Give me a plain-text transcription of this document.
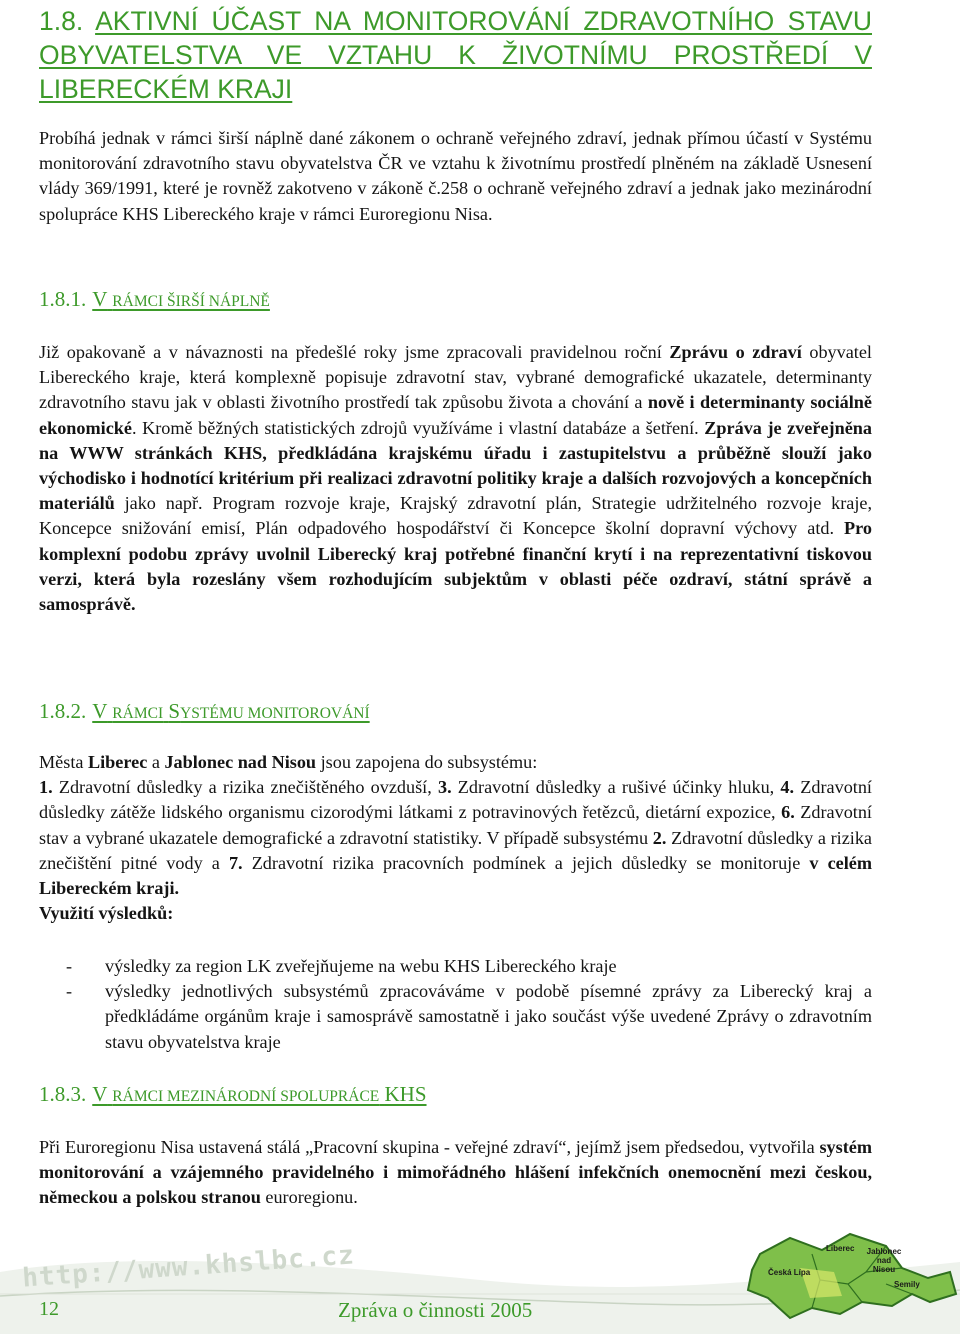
1.8. AKTIVNÍ ÚČAST NA MONITOROVÁNÍ ZDRAVOTNÍHO STAVU OBYVATELSTVA VE VZTAHU K ŽIVOTNÍMU PROSTŘEDÍ V LIBERECKÉM KRAJI

Probíhá jednak v rámci širší náplně dané zákonem o ochraně veřejného zdraví, jednak přímou účastí v Systému monitorování zdravotního stavu obyvatelstva ČR ve vztahu k životnímu prostředí plněném na základě Usnesení vlády 369/1991, které je rovněž zakotveno v zákoně č.258 o ochraně veřejného zdraví a jednak jako mezinárodní spolupráce KHS Libereckého kraje v rámci Euroregionu Nisa.

1.8.1. V RÁMCI ŠIRŠÍ NÁPLNĚ

Již opakovaně a v návaznosti na předešlé roky jsme zpracovali pravidelnou roční Zprávu o zdraví obyvatel Libereckého kraje, která komplexně popisuje zdravotní stav, vybrané demografické ukazatele, determinanty zdravotního stavu jak v oblasti životního prostředí tak způsobu života a chování a nově i determinanty sociálně ekonomické. Kromě běžných statistických zdrojů využíváme i vlastní databáze a šetření. Zpráva je zveřejněna na WWW stránkách KHS, předkládána krajskému úřadu i zastupitelstvu a průběžně slouží jako východisko i hodnotící kritérium při realizaci zdravotní politiky kraje a dalších rozvojových a koncepčních materiálů jako např. Program rozvoje kraje, Krajský zdravotní plán, Strategie udržitelného rozvoje kraje, Koncepce snižování emisí, Plán odpadového hospodářství či Koncepce školní dopravní výchovy atd. Pro komplexní podobu zprávy uvolnil Liberecký kraj potřebné finanční krytí i na reprezentativní tiskovou verzi, která byla rozeslány všem rozhodujícím subjektům v oblasti péče ozdraví, státní správě a samosprávě.

1.8.2. V RÁMCI SYSTÉMU MONITOROVÁNÍ

Města Liberec a Jablonec nad Nisou jsou zapojena do subsystému:
1. Zdravotní důsledky a rizika znečištěného ovzduší, 3. Zdravotní důsledky a rušivé účinky hluku, 4. Zdravotní důsledky zátěže lidského organismu cizorodými látkami z potravinových řetězců, dietární expozice, 6. Zdravotní stav a vybrané ukazatele demografické a zdravotní statistiky. V případě subsystému 2. Zdravotní důsledky a rizika znečištění pitné vody a 7. Zdravotní rizika pracovních podmínek a jejich důsledky se monitoruje v celém Libereckém kraji.
Využití výsledků:

- výsledky za region LK zveřejňujeme na webu KHS Libereckého kraje
- výsledky jednotlivých subsystémů zpracováváme v podobě písemné zprávy za Liberecký kraj a předkládáme orgánům kraje i samosprávě samostatně i jako součást výše uvedené Zprávy o zdravotním stavu obyvatelstva kraje
1.8.3. V RÁMCI MEZINÁRODNÍ SPOLUPRÁCE KHS

Při Euroregionu Nisa ustavená stálá „Pracovní skupina - veřejné zdraví“, jejímž jsem předsedou, vytvořila systém monitorování a vzájemného pravidelného i mimořádného hlášení infekčních onemocnění mezi českou, německou a polskou stranou euroregionu.

http://www.khslbc.cz	Liberec Jablonec nad Nisou
Česká Lípa
Semily
12	Zpráva o činnosti 2005
